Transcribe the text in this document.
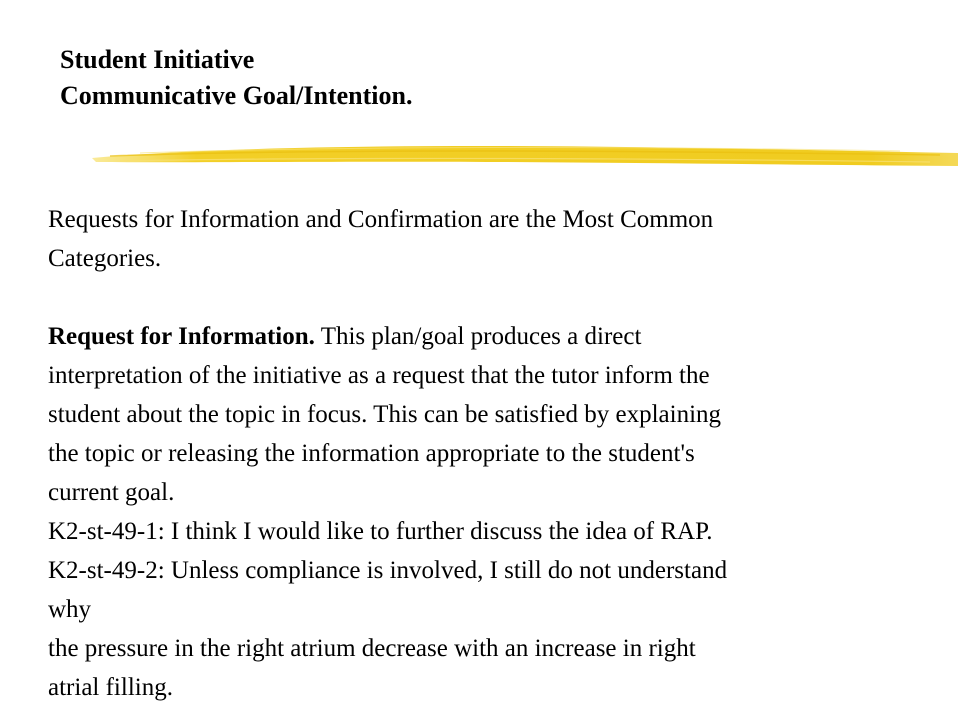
Student Initiative
Communicative Goal/Intention.
Requests for Information and Confirmation are the Most Common
Categories.
Request for Information. This plan/goal produces a direct
interpretation of the initiative as a request that the tutor inform the
student about the topic in focus. This can be satisfied by explaining
the topic or releasing the information appropriate to the student's
current goal.
K2-st-49-1: I think I would like to further discuss the idea of RAP.
K2-st-49-2: Unless compliance is involved, I still do not understand
why
the pressure in the right atrium decrease with an increase in right
atrial filling.
